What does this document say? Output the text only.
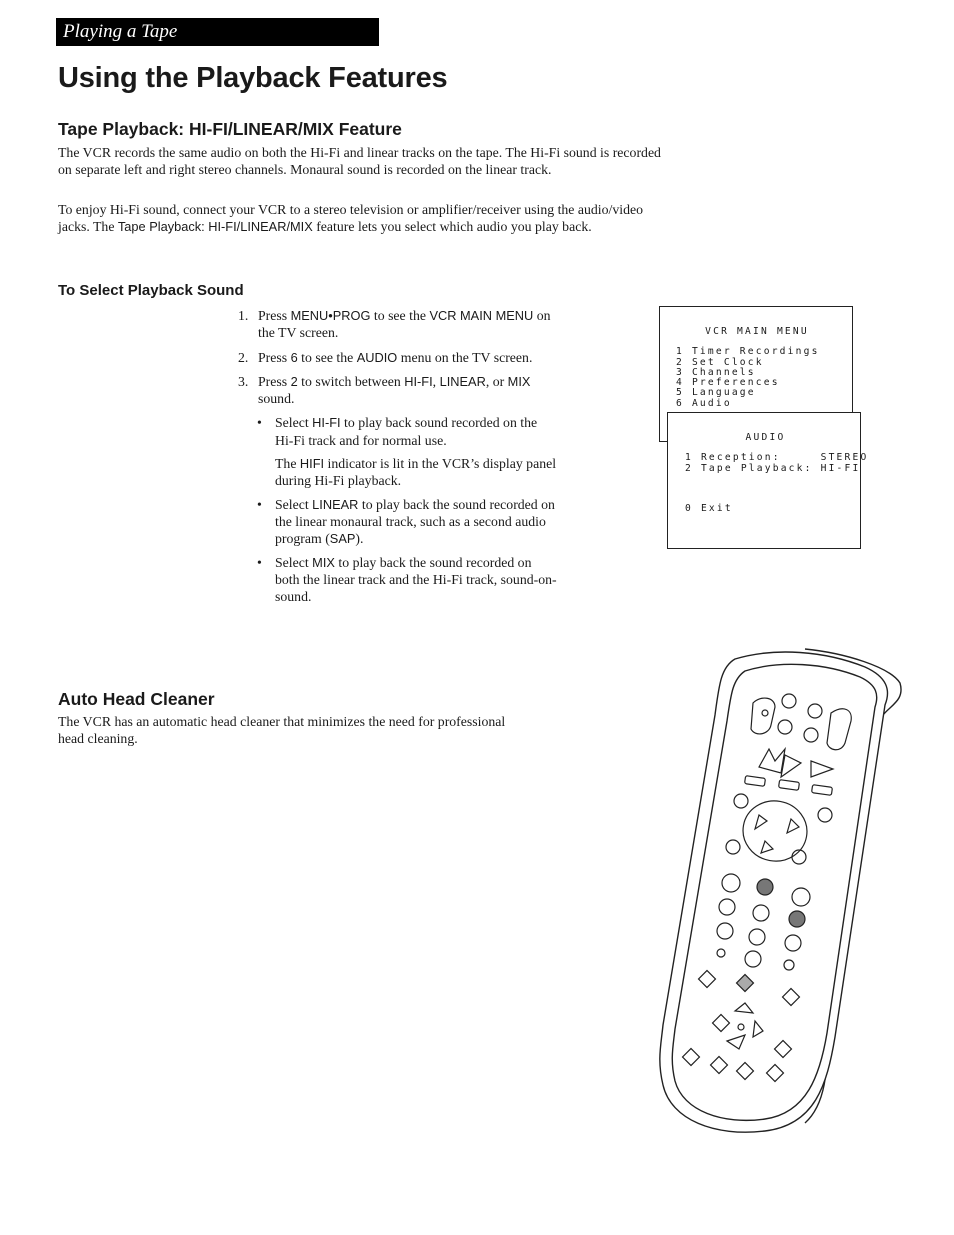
Playing a Tape
Using the Playback Features
Tape Playback: HI-FI/LINEAR/MIX Feature

The VCR records the same audio on both the Hi-Fi and linear tracks on the tape. The Hi-Fi sound is recorded on separate left and right stereo channels. Monaural sound is recorded on the linear track.

To enjoy Hi-Fi sound, connect your VCR to a stereo television or amplifier/receiver using the audio/video jacks. The Tape Playback: HI-FI/LINEAR/MIX feature lets you select which audio you play back.

To Select Playback Sound
1. Press MENU•PROG to see the VCR MAIN MENU on the TV screen.
2. Press 6 to see the AUDIO menu on the TV screen.
3. Press 2 to switch between HI-FI, LINEAR, or MIX sound.
• Select HI-FI to play back sound recorded on the Hi-Fi track and for normal use.
The HIFI indicator is lit in the VCR’s display panel during Hi-Fi playback.
• Select LINEAR to play back the sound recorded on the linear monaural track, such as a second audio program (SAP).
• Select MIX to play back the sound recorded on both the linear track and the Hi-Fi track, sound-on-sound.
VCR MAIN MENU
1 Timer Recordings
2 Set Clock
3 Channels
4 Preferences
5 Language
6 Audio
AUDIO
1 Reception:     STEREO
2 Tape Playback: HI-FI
0 Exit
Auto Head Cleaner

The VCR has an automatic head cleaner that minimizes the need for professional head cleaning.
